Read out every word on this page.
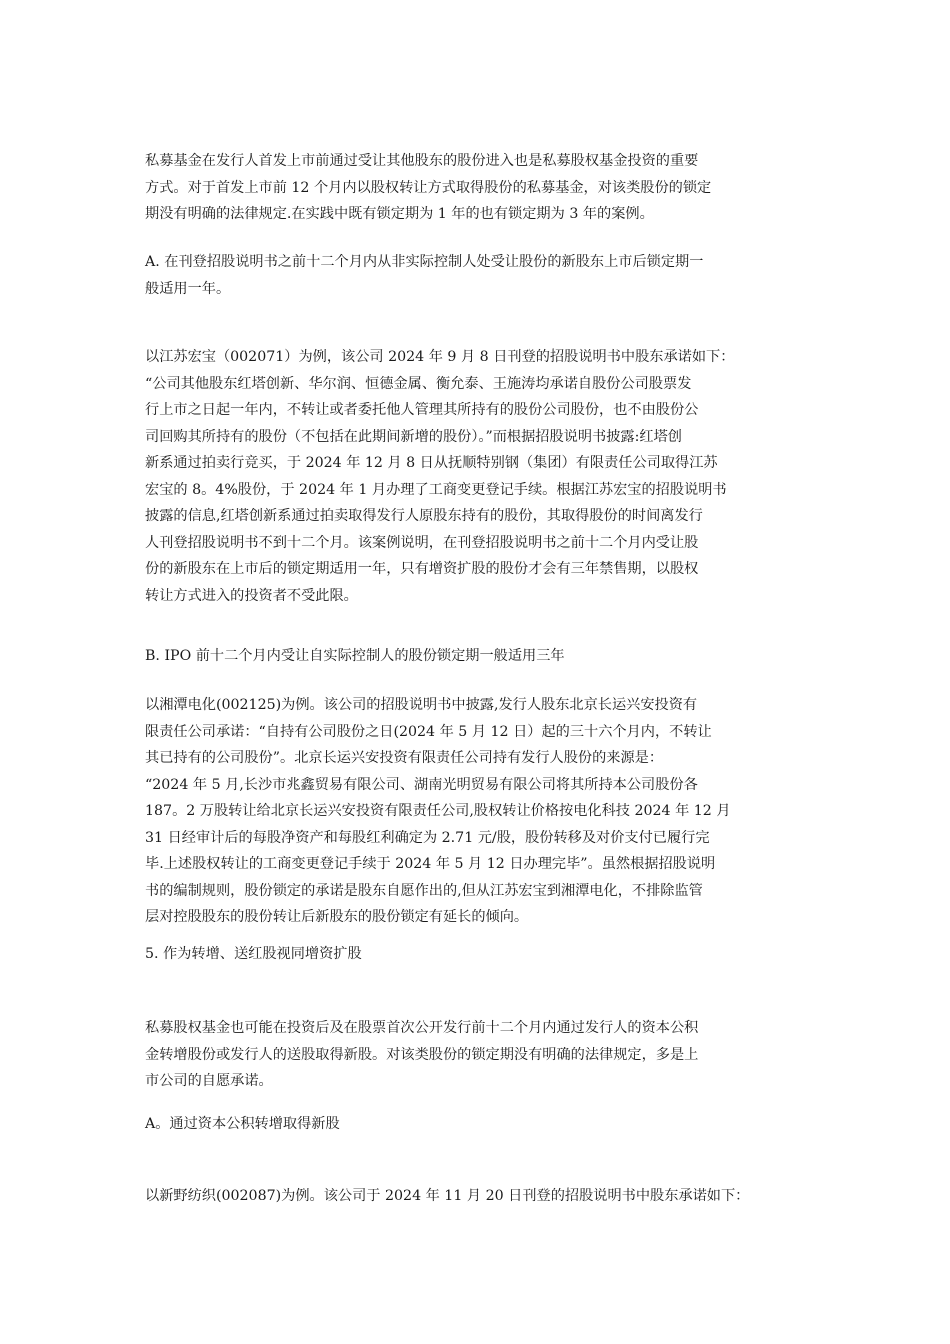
私募基金在发行人首发上市前通过受让其他股东的股份进入也是私募股权基金投资的重要
方式。对于首发上市前 12 个月内以股权转让方式取得股份的私募基金，对该类股份的锁定
期没有明确的法律规定.在实践中既有锁定期为 1 年的也有锁定期为 3 年的案例。

A. 在刊登招股说明书之前十二个月内从非实际控制人处受让股份的新股东上市后锁定期一
般适用一年。

以江苏宏宝（002071）为例，该公司 2024 年 9 月 8 日刊登的招股说明书中股东承诺如下：
“公司其他股东红塔创新、华尔润、恒德金属、衡允泰、王施涛均承诺自股份公司股票发
行上市之日起一年内，不转让或者委托他人管理其所持有的股份公司股份，也不由股份公
司回购其所持有的股份（不包括在此期间新增的股份）。”而根据招股说明书披露:红塔创
新系通过拍卖行竞买，于 2024 年 12 月 8 日从抚顺特别钢（集团）有限责任公司取得江苏
宏宝的 8。4%股份，于 2024 年 1 月办理了工商变更登记手续。根据江苏宏宝的招股说明书
披露的信息,红塔创新系通过拍卖取得发行人原股东持有的股份，其取得股份的时间离发行
人刊登招股说明书不到十二个月。该案例说明，在刊登招股说明书之前十二个月内受让股
份的新股东在上市后的锁定期适用一年，只有增资扩股的股份才会有三年禁售期，以股权
转让方式进入的投资者不受此限。

B. IPO 前十二个月内受让自实际控制人的股份锁定期一般适用三年

以湘潭电化(002125)为例。该公司的招股说明书中披露,发行人股东北京长运兴安投资有
限责任公司承诺：“自持有公司股份之日(2024 年 5 月 12 日）起的三十六个月内，不转让
其已持有的公司股份”。北京长运兴安投资有限责任公司持有发行人股份的来源是：
“2024 年 5 月,长沙市兆鑫贸易有限公司、湖南光明贸易有限公司将其所持本公司股份各
187。2 万股转让给北京长运兴安投资有限责任公司,股权转让价格按电化科技 2024 年 12 月
31 日经审计后的每股净资产和每股红利确定为 2.71 元/股，股份转移及对价支付已履行完
毕.上述股权转让的工商变更登记手续于 2024 年 5 月 12 日办理完毕”。虽然根据招股说明
书的编制规则，股份锁定的承诺是股东自愿作出的,但从江苏宏宝到湘潭电化，不排除监管
层对控股股东的股份转让后新股东的股份锁定有延长的倾向。

5. 作为转增、送红股视同增资扩股

私募股权基金也可能在投资后及在股票首次公开发行前十二个月内通过发行人的资本公积
金转增股份或发行人的送股取得新股。对该类股份的锁定期没有明确的法律规定，多是上
市公司的自愿承诺。

A。通过资本公积转增取得新股

以新野纺织(002087)为例。该公司于 2024 年 11 月 20 日刊登的招股说明书中股东承诺如下：
